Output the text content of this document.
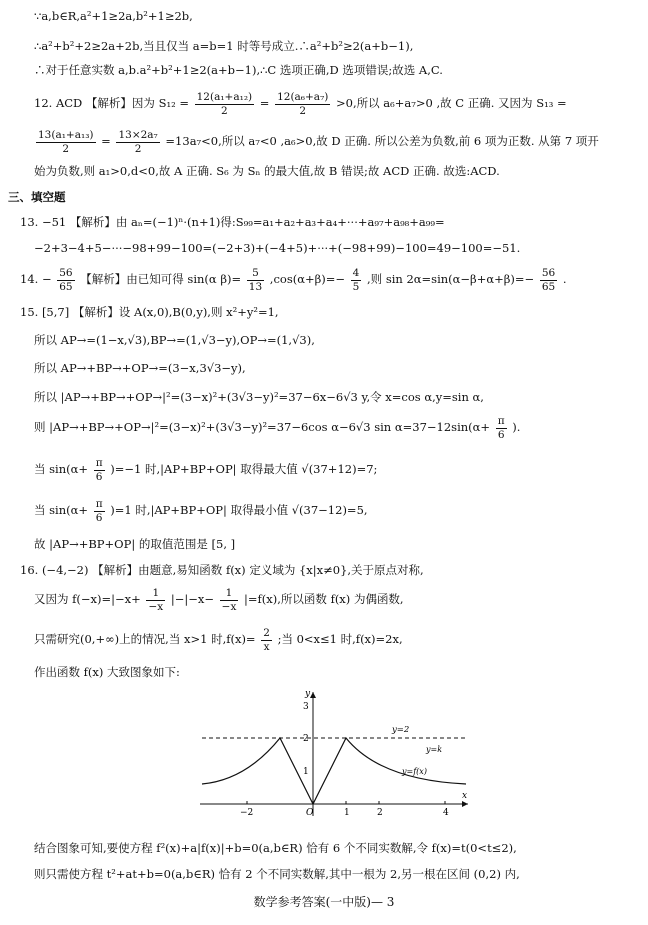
∵a,b∈R,a²+1≥2a,b²+1≥2b,
∴a²+b²+2≥2a+2b,当且仅当 a=b=1 时等号成立.∴a²+b²≥2(a+b−1),
∴对于任意实数 a,b.a²+b²+1≥2(a+b−1),∴C 选项正确,D 选项错误;故选 A,C.
12. ACD 【解析】因为 $S_{12} = \frac{\text{12(a₁+a₁₂)}}{2} = \frac{\text{12(a₆+a₇)}}{2} >0$,所以 a₆+a₇>0 ,故 C 正确. 又因为 S₁₃ =
$\frac{\text{13(a₁+a₁₃)}}{2} = \frac{\text{13×2a₇}}{2} =13a_7<0$,所以 a₇<0 ,a₆>0,故 D 正确. 所以公差为负数,前 6 项为正数. 从第 7 项开
始为负数,则 a₁>0,d<0,故 A 正确. S₆ 为 Sₙ 的最大值,故 B 错误;故 ACD 正确. 故选:ACD.
三、填空题
13. −51 【解析】由 aₙ=(−1)ⁿ·(n+1)得:S₉₉=a₁+a₂+a₃+a₄+···+a₉₇+a₉₈+a₉₉=
−2+3−4+5−···−98+99−100=(−2+3)+(−4+5)+···+(−98+99)−100=49−100=−51.
14. − $\frac{56}{65}$ 【解析】由已知可得 sin(α $\beta)= \frac{5}{13} ,\cos(\alpha+\beta)=- \frac{4}{5}$ ,则 $\sin 2\alpha=\sin(\alpha-\beta+\alpha+\beta)=- \frac{56}{65}$ .
15. [5,7] 【解析】设 A(x,0),B(0,y),则 x²+y²=1,
所以 AP→=(1−x,√3),BP→=(1,√3−y),OP→=(1,√3),
所以 AP→+BP→+OP→=(3−x,3√3−y),
所以 |AP→+BP→+OP→|²=(3−x)²+(3√3−y)²=37−6x−6√3 y,令 x=cos α,y=sin α,
则 |AP→+BP→+OP→|²=(3−x)²+(3√3−y)²=37−6cos α−6√3 $\sin \alpha=37-12\sin(\alpha+ \frac{\pi}{6}$ ).
当 $\sin(\alpha+ \frac{\pi}{6} )=-1$ 时,|AP+BP+OP| 取得最大值 √(37+12)=7;
当 $\sin(\alpha+ \frac{\pi}{6} )=1$ 时,|AP+BP+OP| 取得最小值 √(37−12)=5,
故 |AP→+BP+OP| 的取值范围是 [5, ]
16. (−4,−2) 【解析】由题意,易知函数 f(x) 定义域为 {x|x≠0},关于原点对称,
又因为 $f(-x)=|-x+ \frac{1}{-x} |-|-x- \frac{1}{-x} |=f(x)$,所以函数 f(x) 为偶函数,
只需研究(0,+∞)上的情况,当 x>1 时$,f(x)= \frac{2}{x}$ ;当 0<x≤1 时,f(x)=2x,
作出函数 f(x) 大致图象如下:
y
x
O
−2	1	2	4
3
2
1
y=2
y=k
y=f(x)
结合图象可知,要使方程 f²(x)+a|f(x)|+b=0(a,b∈R) 恰有 6 个不同实数解,令 f(x)=t(0<t≤2),
则只需使方程 t²+at+b=0(a,b∈R) 恰有 2 个不同实数解,其中一根为 2,另一根在区间 (0,2) 内,
数学参考答案(一中版)— 3
